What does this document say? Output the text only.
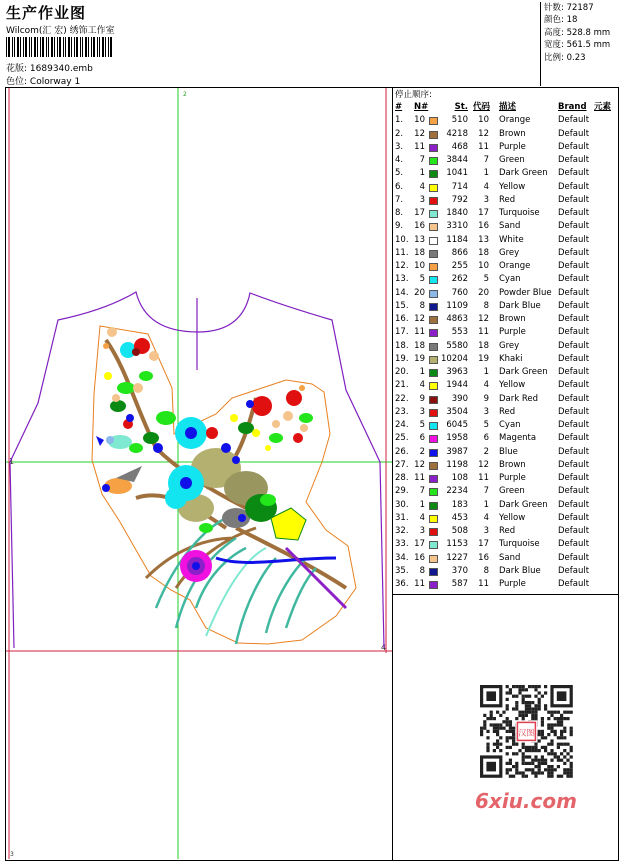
生产作业图
Wilcom(汇 宏) 绣饰工作室
花版: 1689340.emb
色位: Colorway 1
针数: 72187
颜色: 18
高度: 528.8 mm
宽度: 561.5 mm
比例: 0.23
1
4
2
3
停止顺序:
# N#	St. 代码 描述	Brand 元素
1. 10	510	10 Orange	Default
2. 12	4218	12 Brown	Default
3. 11	468	11 Purple	Default
4.	7	3844	7 Green	Default
5.	1	1041	1 Dark Green Default
6.	4	714	4 Yellow	Default
7.	3	792	3 Red	Default
8. 17	1840	17 Turquoise Default
9. 16	3310	16 Sand	Default
10. 13	1184	13 White	Default
11. 18	866	18 Grey	Default
12. 10	255	10 Orange	Default
13.	5	262	5 Cyan	Default
14. 20	760	20 Powder Blue Default
15.	8	1109	8 Dark Blue Default
16. 12	4863	12 Brown	Default
17. 11	553	11 Purple	Default
18. 18	5580	18 Grey	Default
19. 19 10204	19 Khaki	Default
20.	1	3963	1 Dark Green Default
21.	4	1944	4 Yellow	Default
22.	9	390	9 Dark Red Default
23.	3	3504	3 Red	Default
24.	5	6045	5 Cyan	Default
25.	6	1958	6 Magenta	Default
26.	2	3987	2 Blue	Default
27. 12	1198	12 Brown	Default
28. 11	108	11 Purple	Default
29.	7	2234	7 Green	Default
30.	1	183	1 Dark Green Default
31.	4	453	4 Yellow	Default
32.	3	508	3 Red	Default
33. 17	1153	17 Turquoise Default
34. 16	1227	16 Sand	Default
35.	8	370	8 Dark Blue Default
36. 11	587	11 Purple	Default
汉图
6xiu.com
